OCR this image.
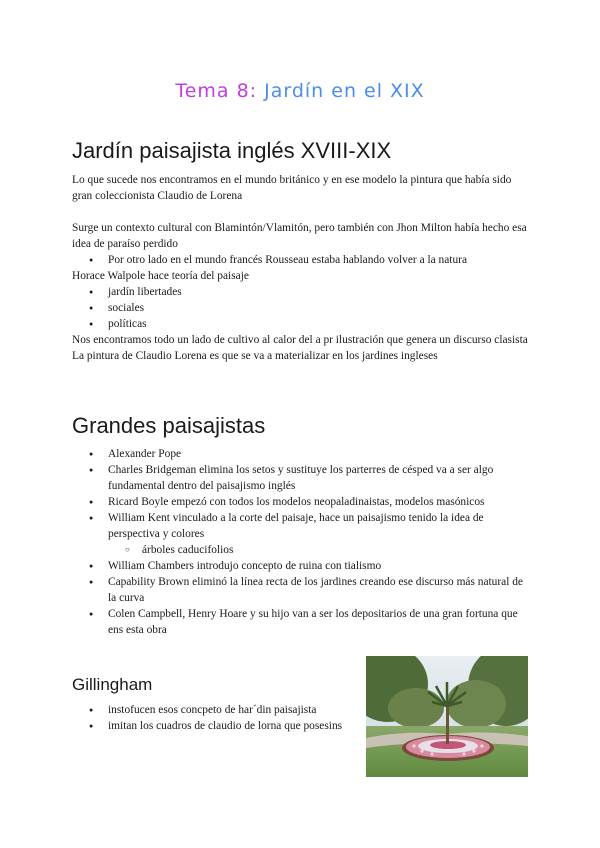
Tema 8: Jardín en el XIX
Jardín paisajista inglés XVIII-XIX

Lo que sucede nos encontramos en el mundo británico y en ese modelo la pintura que había sido gran coleccionista Claudio de Lorena

Surge un contexto cultural con Blamintón/Vlamitón, pero también con Jhon Milton había hecho esa idea de paraíso perdido

● Por otro lado en el mundo francés Rousseau estaba hablando volver a la natura

Horace Walpole hace teoría del paisaje

● jardín libertades
● sociales
● políticas

Nos encontramos todo un lado de cultivo al calor del a pr ilustración que genera un discurso clasista

La pintura de Claudio Lorena es que se va a materializar en los jardines ingleses

Grandes paisajistas
● Alexander Pope
● Charles Bridgeman elimina los setos y sustituye los parterres de césped va a ser algo fundamental dentro del paisajismo inglés
● Ricard Boyle empezó con todos los modelos neopaladinaistas, modelos masónicos
● William Kent vinculado a la corte del paisaje, hace un paisajismo tenido la idea de perspectiva y colores
○ árboles caducifolios
● William Chambers introdujo concepto de ruina con tialismo
● Capability Brown eliminó la línea recta de los jardines creando ese discurso más natural de la curva
● Colen Campbell, Henry Hoare y su hijo van a ser los depositarios de una gran fortuna que ens esta obra
Gillingham
● instofucen esos concpeto de har´din paisajista
● imitan los cuadros de claudio de lorna que posesins
